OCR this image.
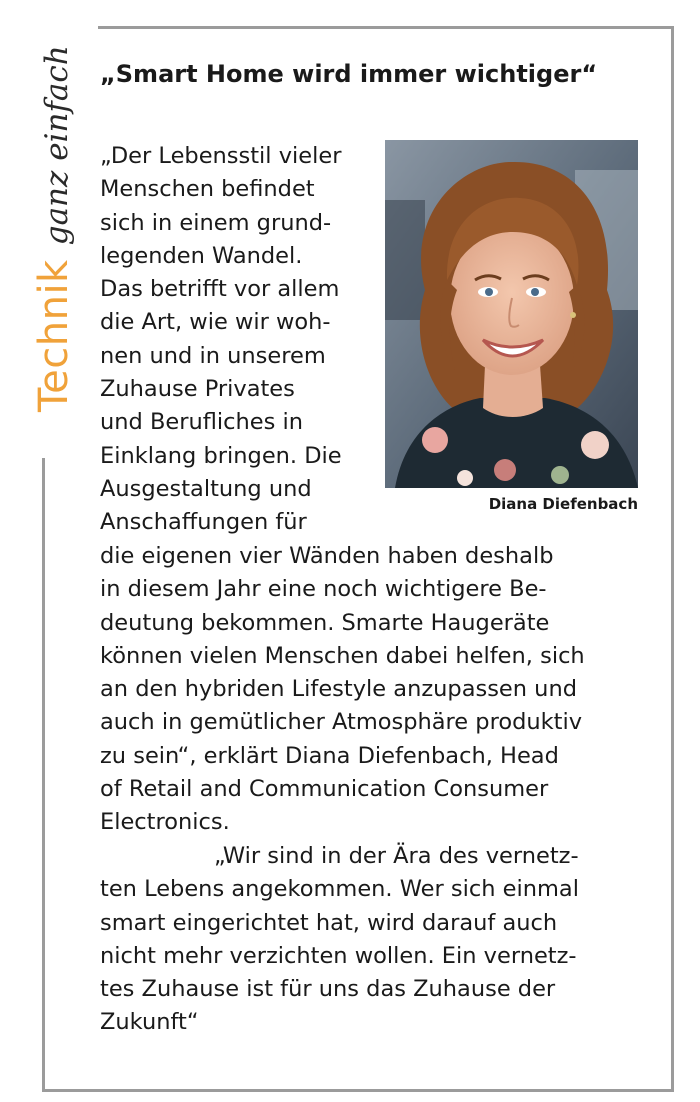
Technik
ganz einfach „Smart Home wird immer wichtiger“
Diana Diefenbach
„Der Lebensstil vieler
Menschen befindet
sich in einem grund-
legenden Wandel.
Das betrifft vor allem
die Art, wie wir woh-
nen und in unserem
Zuhause Privates
und Berufliches in
Einklang bringen. Die
Ausgestaltung und
Anschaffungen für
die eigenen vier Wänden haben deshalb
in diesem Jahr eine noch wichtigere Be-
deutung bekommen. Smarte Haugeräte
können vielen Menschen dabei helfen, sich
an den hybriden Lifestyle anzupassen und
auch in gemütlicher Atmosphäre produktiv
zu sein“, erklärt Diana Diefenbach, Head
of Retail and Communication Consumer
Electronics.
„Wir sind in der Ära des vernetz-
ten Lebens angekommen. Wer sich einmal
smart eingerichtet hat, wird darauf auch
nicht mehr verzichten wollen. Ein vernetz-
tes Zuhause ist für uns das Zuhause der
Zukunft“
